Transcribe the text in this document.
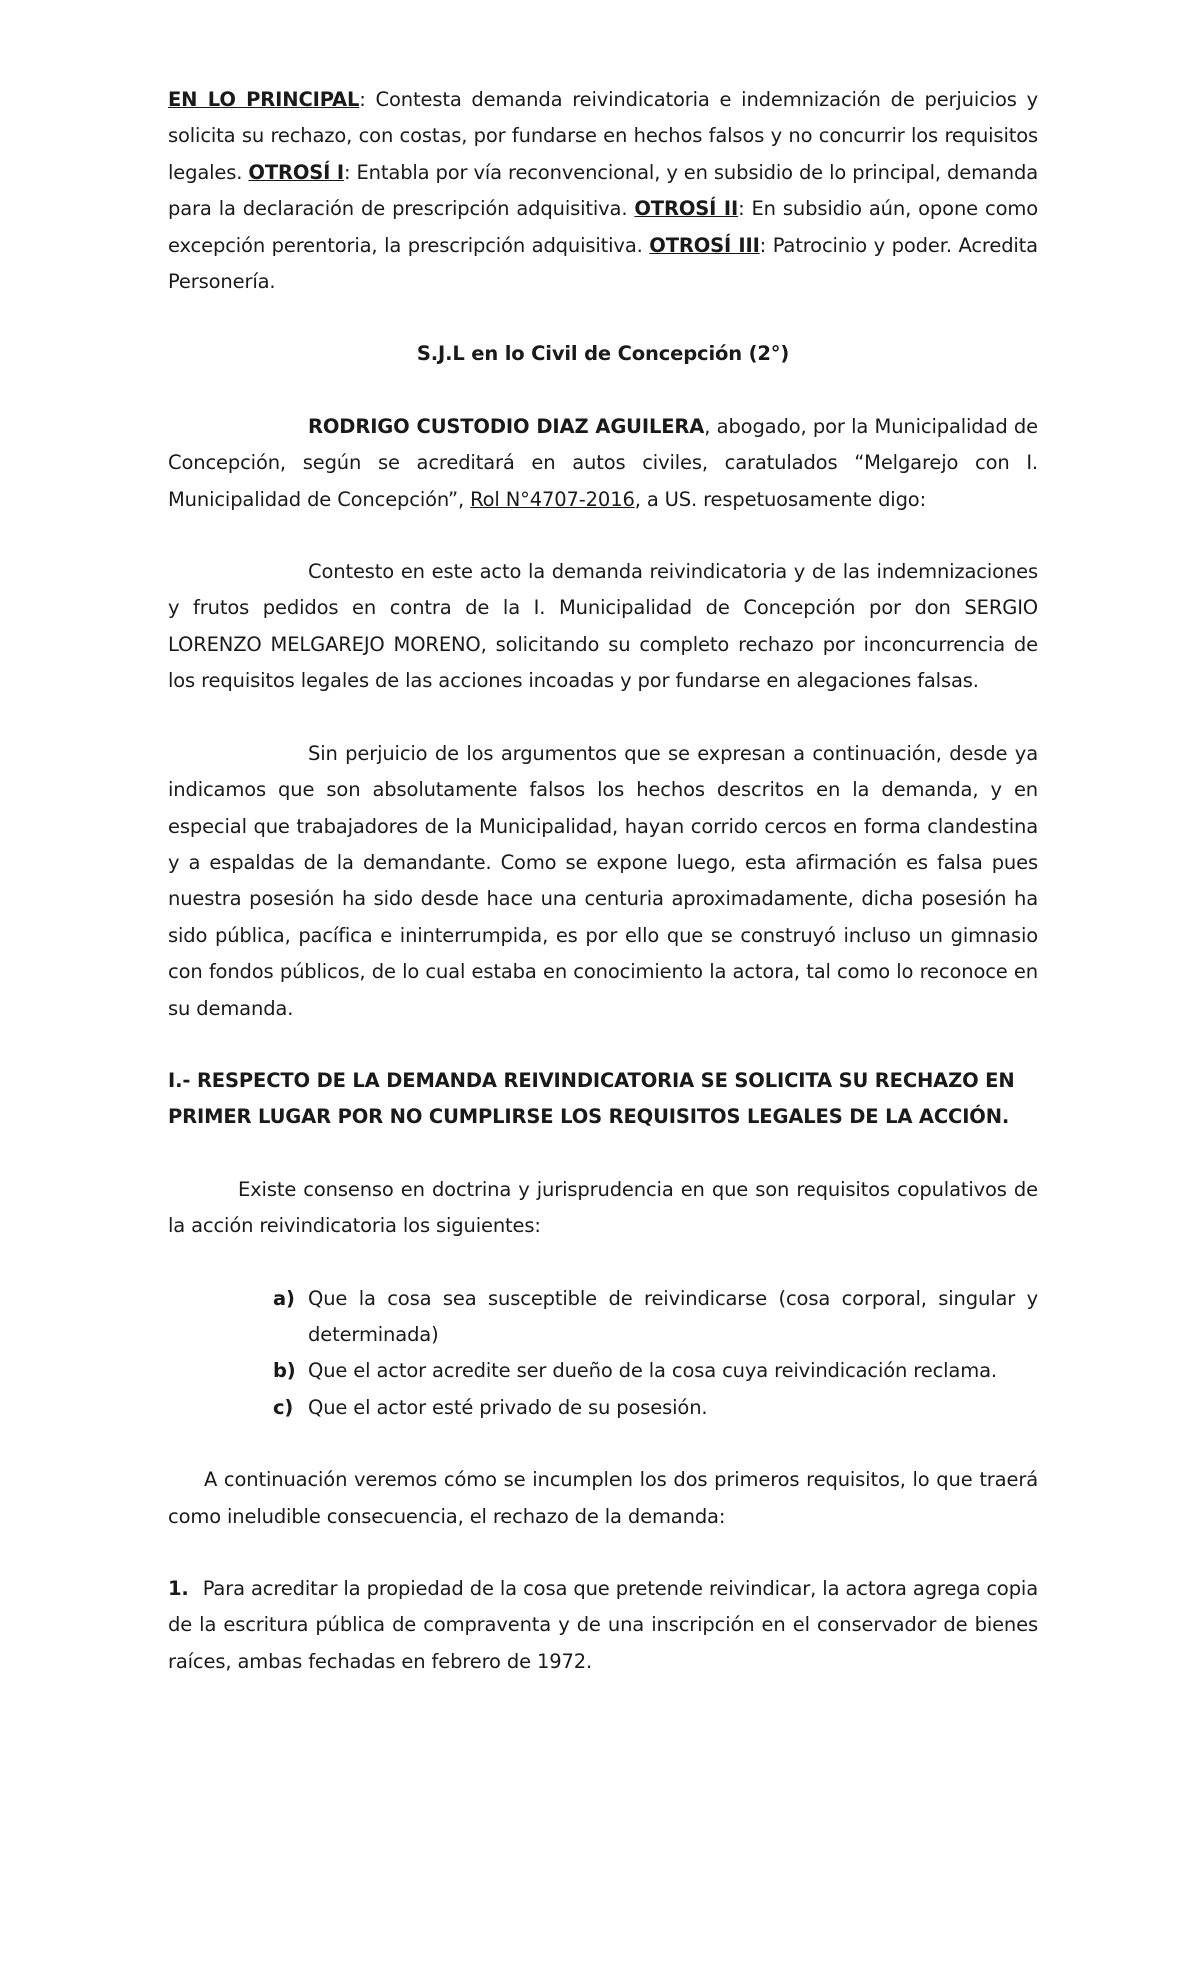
EN LO PRINCIPAL: Contesta demanda reivindicatoria e indemnización de perjuicios y solicita su rechazo, con costas, por fundarse en hechos falsos y no concurrir los requisitos legales. OTROSÍ I: Entabla por vía reconvencional, y en subsidio de lo principal, demanda para la declaración de prescripción adquisitiva. OTROSÍ II: En subsidio aún, opone como excepción perentoria, la prescripción adquisitiva. OTROSÍ III: Patrocinio y poder. Acredita Personería.

S.J.L en lo Civil de Concepción (2°)

RODRIGO CUSTODIO DIAZ AGUILERA, abogado, por la Municipalidad de Concepción, según se acreditará en autos civiles, caratulados “Melgarejo con I. Municipalidad de Concepción”, Rol N°4707-2016, a US. respetuosamente digo:

Contesto en este acto la demanda reivindicatoria y de las indemnizaciones y frutos pedidos en contra de la I. Municipalidad de Concepción por don SERGIO LORENZO MELGAREJO MORENO, solicitando su completo rechazo por inconcurrencia de los requisitos legales de las acciones incoadas y por fundarse en alegaciones falsas.

Sin perjuicio de los argumentos que se expresan a continuación, desde ya indicamos que son absolutamente falsos los hechos descritos en la demanda, y en especial que trabajadores de la Municipalidad, hayan corrido cercos en forma clandestina y a espaldas de la demandante. Como se expone luego, esta afirmación es falsa pues nuestra posesión ha sido desde hace una centuria aproximadamente, dicha posesión ha sido pública, pacífica e ininterrumpida, es por ello que se construyó incluso un gimnasio con fondos públicos, de lo cual estaba en conocimiento la actora, tal como lo reconoce en su demanda.

I.- RESPECTO DE LA DEMANDA REIVINDICATORIA SE SOLICITA SU RECHAZO EN PRIMER LUGAR POR NO CUMPLIRSE LOS REQUISITOS LEGALES DE LA ACCIÓN.

Existe consenso en doctrina y jurisprudencia en que son requisitos copulativos de la acción reivindicatoria los siguientes:

a) Que la cosa sea susceptible de reivindicarse (cosa corporal, singular y determinada)
b) Que el actor acredite ser dueño de la cosa cuya reivindicación reclama.
c) Que el actor esté privado de su posesión.

A continuación veremos cómo se incumplen los dos primeros requisitos, lo que traerá como ineludible consecuencia, el rechazo de la demanda:

1. Para acreditar la propiedad de la cosa que pretende reivindicar, la actora agrega copia de la escritura pública de compraventa y de una inscripción en el conservador de bienes raíces, ambas fechadas en febrero de 1972.
